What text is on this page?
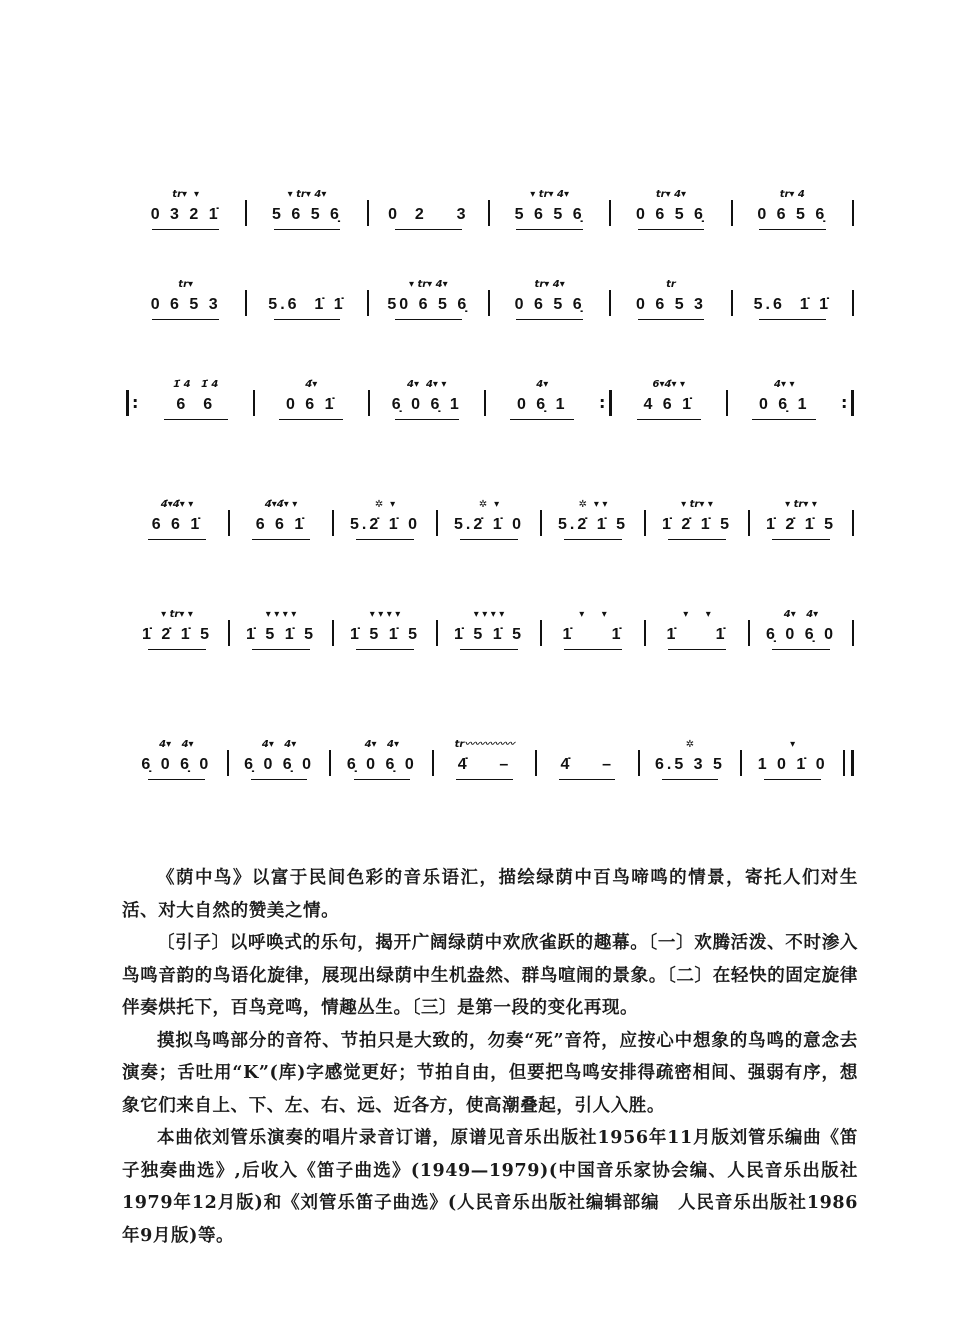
tr▾  ▾
0 3 2 1̇
▾ tr▾ 4▾
5 6 5 6̣	0  2    3
▾ tr▾ 4▾
5 6 5 6̣
tr▾ 4▾
0 6 5 6̣
tr▾ 4
0 6 5 6̣
tr▾
0 6 5 3	5.6  1̇ 1̇
▾ tr▾ 4▾
50 6 5 6̣
tr▾ 4▾
0 6 5 6̣
tr
0 6 5 3	5.6  1̇ 1̇
:
1̇ 4   1̇ 4
6  6
4̇▾
0 6 1̇
4▾  4▾ ▾
6̣ 0 6̣ 1
4▾
0 6̣ 1
:
6▾4̇▾ ▾
4 6 1̇
4▾ ▾
0 6̣ 1
:
4̇▾4̇▾ ▾
6 6 1̇
4̇▾4̇▾ ▾
6 6 1̇
✲  ▾
5.2̇ 1̇ 0
✲  ▾
5.2̇ 1̇ 0
✲  ▾ ▾
5.2̇ 1̇ 5
▾ tr▾ ▾
1̇ 2̇ 1̇ 5
▾ tr▾ ▾
1̇ 2̇ 1̇ 5
▾ tr▾ ▾
1̇ 2̇ 1̇ 5
▾ ▾ ▾ ▾
1̇ 5 1̇ 5
▾ ▾ ▾ ▾
1̇ 5 1̇ 5
▾ ▾ ▾ ▾
1̇ 5 1̇ 5
▾     ▾
1̇     1̇
▾     ▾
1̇     1̇
4▾   4▾
6̣ 0 6̣ 0
4▾   4▾
6̣ 0 6̣ 0
4▾   4▾
6̣ 0 6̣ 0
4▾   4▾
6̣ 0 6̣ 0
tr〰〰〰〰〰
4̇    –	4̇    –
✲
6.5 3 5
▾
1 0 1̇ 0

《荫中鸟》以富于民间色彩的音乐语汇，描绘绿荫中百鸟啼鸣的情景，寄托人们对生活、对大自然的赞美之情。

〔引子〕以呼唤式的乐句，揭开广阔绿荫中欢欣雀跃的趣幕。〔一〕欢腾活泼、不时渗入鸟鸣音韵的鸟语化旋律，展现出绿荫中生机盎然、群鸟喧闹的景象。〔二〕在轻快的固定旋律伴奏烘托下，百鸟竞鸣，情趣丛生。〔三〕是第一段的变化再现。

摸拟鸟鸣部分的音符、节拍只是大致的，勿奏“死”音符，应按心中想象的鸟鸣的意念去演奏；舌吐用“K”(库)字感觉更好；节拍自由，但要把鸟鸣安排得疏密相间、强弱有序，想象它们来自上、下、左、右、远、近各方，使高潮叠起，引人入胜。

本曲依刘管乐演奏的唱片录音订谱，原谱见音乐出版社1956年11月版刘管乐编曲《笛子独奏曲选》,后收入《笛子曲选》(1949—1979)(中国音乐家协会编、人民音乐出版社1979年12月版)和《刘管乐笛子曲选》(人民音乐出版社编辑部编　人民音乐出版社1986年9月版)等。
